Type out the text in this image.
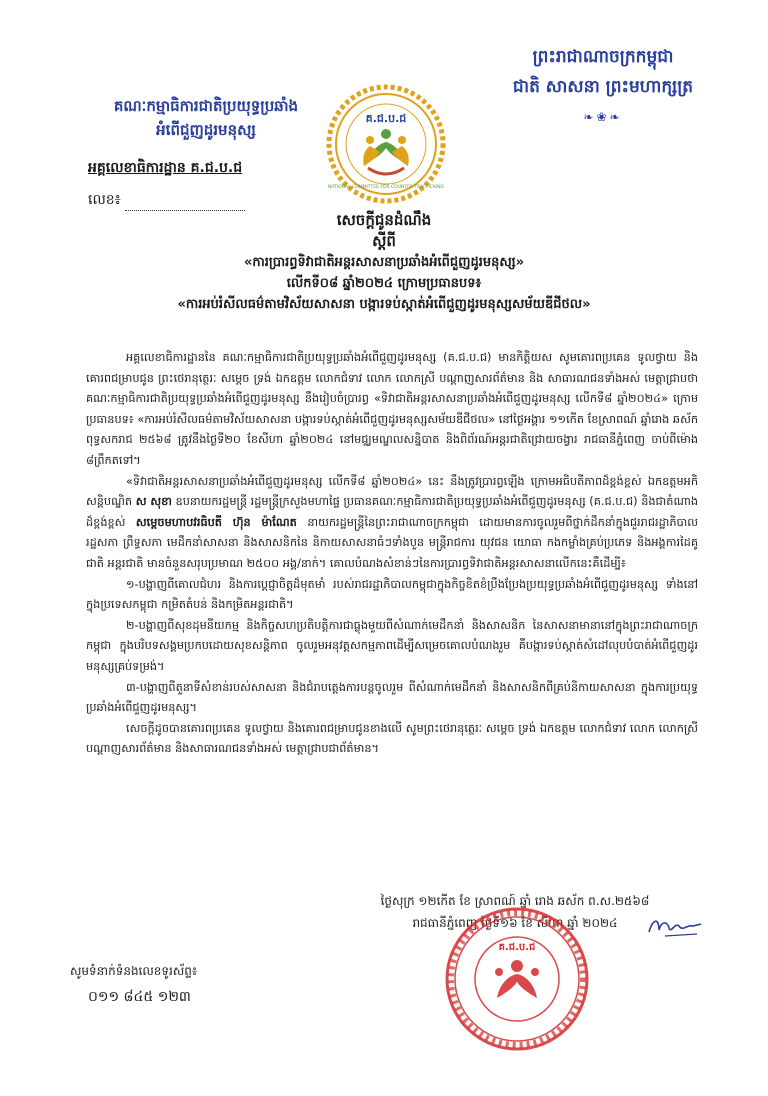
ព្រះរាជាណាចក្រកម្ពុជា
ជាតិ សាសនា ព្រះមហាក្សត្រ
❧❀❧
គណៈកម្មាធិការជាតិប្រយុទ្ធប្រឆាំង
អំពើជួញដូរមនុស្ស
អគ្គលេខាធិការដ្ឋាន គ.ជ.ប.ជ
លេខ៖
គ.ជ.ប.ជ
NATIONAL COMMITTEE FOR COUNTER TRAFFICKING
សេចក្តីជូនដំណឹង
ស្តីពី
«ការប្រារព្ធទិវាជាតិអន្តរសាសនាប្រឆាំងអំពើជួញដូរមនុស្ស»
លើកទី០៨ ឆ្នាំ២០២៤ ក្រោមប្រធានបទ៖
«ការអប់រំសីលធម៌តាមវិស័យសាសនា បង្ការទប់ស្កាត់អំពើជួញដូរមនុស្សសម័យឌីជីថល»

អគ្គលេខាធិការដ្ឋាននៃ គណៈកម្មាធិការជាតិប្រយុទ្ធប្រឆាំងអំពើជួញដូរមនុស្ស (គ.ជ.ប.ជ) មានកិត្តិយស សូមគោរពប្រគេន ទូលថ្វាយ និងគោរពជម្រាបជូន ព្រះថេរានុត្ថេរៈ សម្តេច ទ្រង់ ឯកឧត្តម លោកជំទាវ លោក លោកស្រី បណ្ដាញសារព័ត៌មាន និង សាធារណជនទាំងអស់ មេត្តាជ្រាបថា គណៈកម្មាធិការជាតិប្រយុទ្ធប្រឆាំងអំពើជួញដូរមនុស្ស នឹងរៀបចំប្រារព្ធ «ទិវាជាតិអន្តរសាសនាប្រឆាំងអំពើជួញដូរមនុស្ស លើកទី៨ ឆ្នាំ២០២៤» ក្រោមប្រធានបទ៖ «ការអប់រំសីលធម៌តាមវិស័យសាសនា បង្ការទប់ស្កាត់អំពើជួញដូរមនុស្សសម័យឌីជីថល» នៅថ្ងៃអង្គារ ១១កើត ខែស្រាពណ៍ ឆ្នាំរោង ឆស័ក ពុទ្ធសករាជ ២៥៦៨ ត្រូវនឹងថ្ងៃទី២០ ខែសីហា ឆ្នាំ២០២៤ នៅមជ្ឈមណ្ឌលសន្និបាត និងពិព័រណ៍អន្តរជាតិជ្រោយចង្វារ រាជធានីភ្នំពេញ ចាប់ពីម៉ោង ៨ព្រឹកតទៅ។

«ទិវាជាតិអន្តរសាសនាប្រឆាំងអំពើជួញដូរមនុស្ស លើកទី៨ ឆ្នាំ២០២៤» នេះ នឹងត្រូវប្រារព្ធឡើង ក្រោមអធិបតីភាពដ៏ខ្ពង់ខ្ពស់ ឯកឧត្តមអកិសន្តិបណ្ឌិត ស សុខា ឧបនាយករដ្ឋមន្ត្រី រដ្ឋមន្ត្រីក្រសួងមហាផ្ទៃ ប្រធានគណៈកម្មាធិការជាតិប្រយុទ្ធប្រឆាំងអំពើជួញដូរមនុស្ស (គ.ជ.ប.ជ) និងជាតំណាងដ៏ខ្ពង់ខ្ពស់ សម្តេចមហាបវរធិបតី ហ៊ុន ម៉ាណែត នាយករដ្ឋមន្ត្រីនៃព្រះរាជាណាចក្រកម្ពុជា ដោយមានការចូលរួមពីថ្នាក់ដឹកនាំក្នុងជួររាជរដ្ឋាភិបាល រដ្ឋសភា ព្រឹទ្ធសភា មេដឹកនាំសាសនា និងសាសនិកនៃ និកាយសាសនាធំៗទាំងបួន មន្ត្រីរាជការ យុវជន យោធា កងកម្លាំងគ្រប់ប្រភេទ និងអង្គការដៃគូជាតិ អន្តរជាតិ មានចំនួនសរុបប្រមាណ ២៥០០ អង្គ/នាក់។ គោលបំណងសំខាន់ៗនៃការប្រារព្ធទិវាជាតិអន្តរសាសនាលើកនេះគឺដើម្បី៖

១-បង្ហាញពីគោលជំហរ និងការប្តេជ្ញាចិត្តដ៏មុតមាំ របស់រាជរដ្ឋាភិបាលកម្ពុជាក្នុងកិច្ចខិតខំប្រឹងប្រែងប្រយុទ្ធប្រឆាំងអំពើជួញដូរមនុស្ស ទាំងនៅក្នុងប្រទេសកម្ពុជា កម្រិតតំបន់ និងកម្រិតអន្តរជាតិ។

២-បង្ហាញពីសុខដុមនីយកម្ម និងកិច្ចសហប្រតិបត្តិការជាធ្លុងមួយពីសំណាក់មេដឹកនាំ និងសាសនិក នៃសាសនាមានានៅក្នុងព្រះរាជាណាចក្រកម្ពុជា ក្នុងបរិបទសង្គមប្រកបដោយសុខសន្តិភាព ចូលរួមអនុវត្តសកម្មភាពដើម្បីសម្រេចគោលបំណងរួម គឺបង្ការទប់ស្កាត់សំដៅលុបបំបាត់អំពើជួញដូរមនុស្សគ្រប់ទម្រង់។

៣-បង្ហាញពីតួនាទីសំខាន់របស់សាសនា និងជំរាបត្តេងការបន្តចូលរួម ពីសំណាក់មេដឹកនាំ និងសាសនិកពីគ្រប់និកាយសាសនា ក្នុងការប្រយុទ្ធប្រឆាំងអំពើជួញដូរមនុស្ស។

សេចក្តីដូចបានគោរពប្រគេន ទូលថ្វាយ និងគោរពជម្រាបជូនខាងលើ សូមព្រះថេរានុត្ថេរៈ សម្តេច ទ្រង់ ឯកឧត្តម លោកជំទាវ លោក លោកស្រី បណ្ដាញសារព័ត៌មាន និងសាធារណជនទាំងអស់ មេត្តាជ្រាបជាព័ត៌មាន។

ថ្ងៃសុក្រ ១២កើត ខែ ស្រាពណ៍ ឆ្នាំ រោង ឆស័ក ព.ស.២៥៦៨
រាជធានីភ្នំពេញ ថ្ងៃទី១៦ ខែ សីហា ឆ្នាំ ២០២៤
គ.ជ.ប.ជ
សូមទំនាក់ទំនងលេខទូរស័ព្ទ៖
០១១ ៨៤៥ ១២៣
